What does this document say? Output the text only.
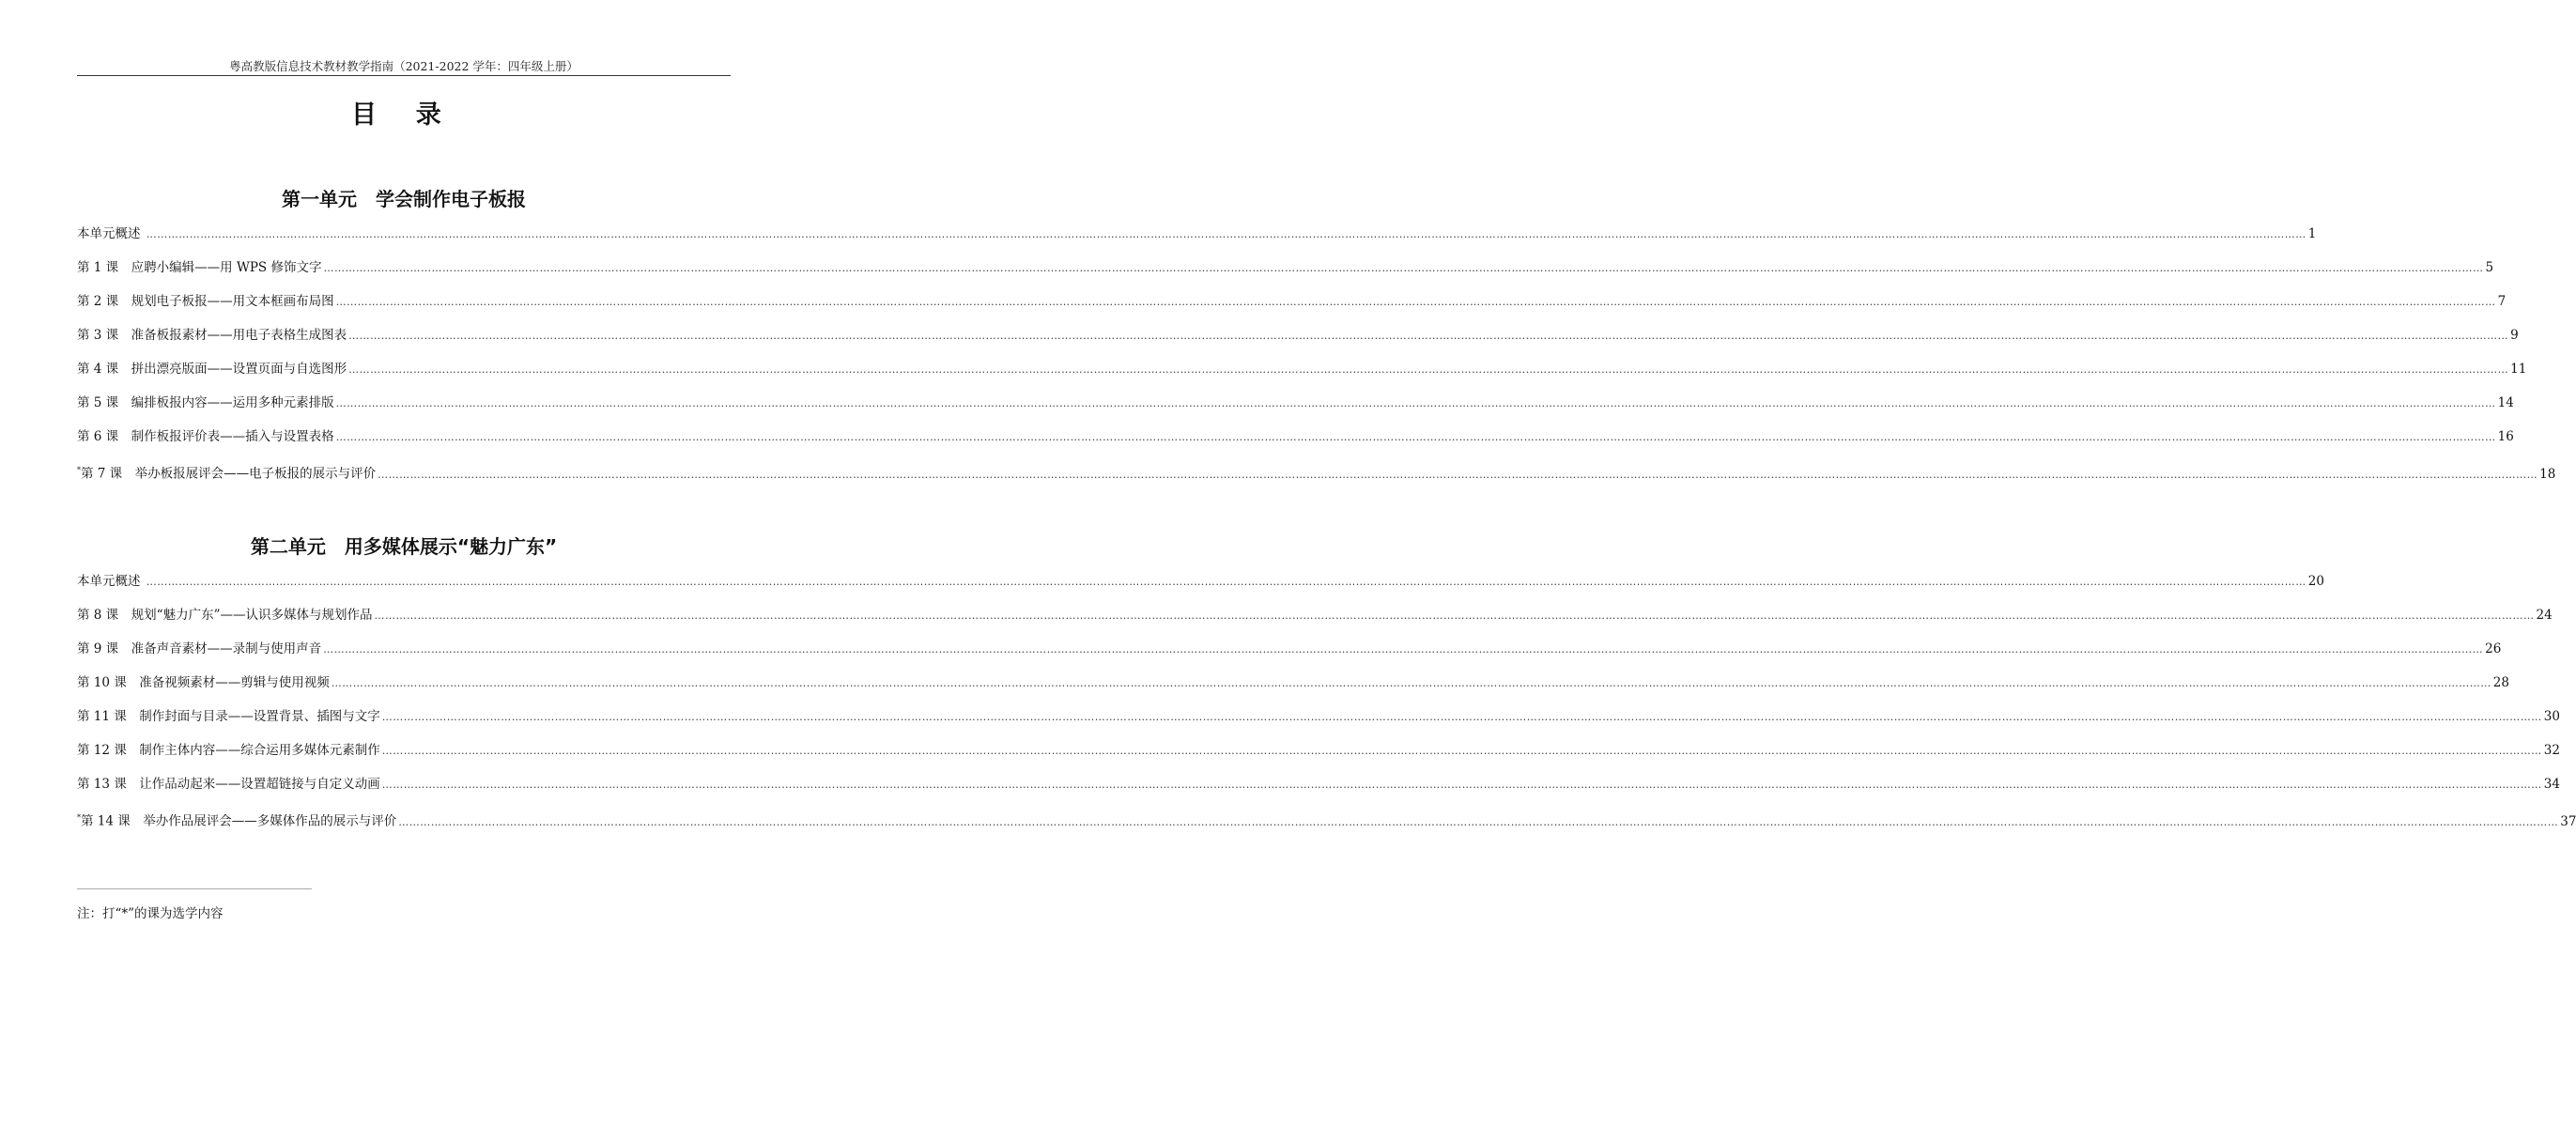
粤高教版信息技术教材教学指南（2021-2022 学年：四年级上册）
目 录
第一单元　学会制作电子板报
本单元概述 …………………………………………………………………………………………………………………………………………………………………………………………………………………………………………………………………………………………………………………………………………………………………………………………………………………………………………………………………………………………………………………………………………………… 1
第 1 课　应聘小编辑——用 WPS 修饰文字 …………………………………………………………………………………………………………………………………………………………………………………………………………………………………………………………………………………………………………………………………………………………………………………………………………………………………………………………………………………………………………………………………………………… 5
第 2 课　规划电子板报——用文本框画布局图 …………………………………………………………………………………………………………………………………………………………………………………………………………………………………………………………………………………………………………………………………………………………………………………………………………………………………………………………………………………………………………………………………………………… 7
第 3 课　准备板报素材——用电子表格生成图表 …………………………………………………………………………………………………………………………………………………………………………………………………………………………………………………………………………………………………………………………………………………………………………………………………………………………………………………………………………………………………………………………………………………… 9
第 4 课　拼出漂亮版面——设置页面与自选图形 …………………………………………………………………………………………………………………………………………………………………………………………………………………………………………………………………………………………………………………………………………………………………………………………………………………………………………………………………………………………………………………………………………………… 11
第 5 课　编排板报内容——运用多种元素排版 …………………………………………………………………………………………………………………………………………………………………………………………………………………………………………………………………………………………………………………………………………………………………………………………………………………………………………………………………………………………………………………………………………………… 14
第 6 课　制作板报评价表——插入与设置表格 …………………………………………………………………………………………………………………………………………………………………………………………………………………………………………………………………………………………………………………………………………………………………………………………………………………………………………………………………………………………………………………………………………………… 16
*第 7 课　举办板报展评会——电子板报的展示与评价 …………………………………………………………………………………………………………………………………………………………………………………………………………………………………………………………………………………………………………………………………………………………………………………………………………………………………………………………………………………………………………………………………………………… 18
第二单元　用多媒体展示“魅力广东”
本单元概述 …………………………………………………………………………………………………………………………………………………………………………………………………………………………………………………………………………………………………………………………………………………………………………………………………………………………………………………………………………………………………………………………………………………… 20
第 8 课　规划“魅力广东”——认识多媒体与规划作品 …………………………………………………………………………………………………………………………………………………………………………………………………………………………………………………………………………………………………………………………………………………………………………………………………………………………………………………………………………………………………………………………………………………… 24
第 9 课　准备声音素材——录制与使用声音 …………………………………………………………………………………………………………………………………………………………………………………………………………………………………………………………………………………………………………………………………………………………………………………………………………………………………………………………………………………………………………………………………………………… 26
第 10 课　准备视频素材——剪辑与使用视频 …………………………………………………………………………………………………………………………………………………………………………………………………………………………………………………………………………………………………………………………………………………………………………………………………………………………………………………………………………………………………………………………………………………… 28
第 11 课　制作封面与目录——设置背景、插图与文字 …………………………………………………………………………………………………………………………………………………………………………………………………………………………………………………………………………………………………………………………………………………………………………………………………………………………………………………………………………………………………………………………………………………… 30
第 12 课　制作主体内容——综合运用多媒体元素制作 …………………………………………………………………………………………………………………………………………………………………………………………………………………………………………………………………………………………………………………………………………………………………………………………………………………………………………………………………………………………………………………………………………………… 32
第 13 课　让作品动起来——设置超链接与自定义动画 …………………………………………………………………………………………………………………………………………………………………………………………………………………………………………………………………………………………………………………………………………………………………………………………………………………………………………………………………………………………………………………………………………………… 34
*第 14 课　举办作品展评会——多媒体作品的展示与评价 …………………………………………………………………………………………………………………………………………………………………………………………………………………………………………………………………………………………………………………………………………………………………………………………………………………………………………………………………………………………………………………………………………………… 37
注：打“*”的课为选学内容
